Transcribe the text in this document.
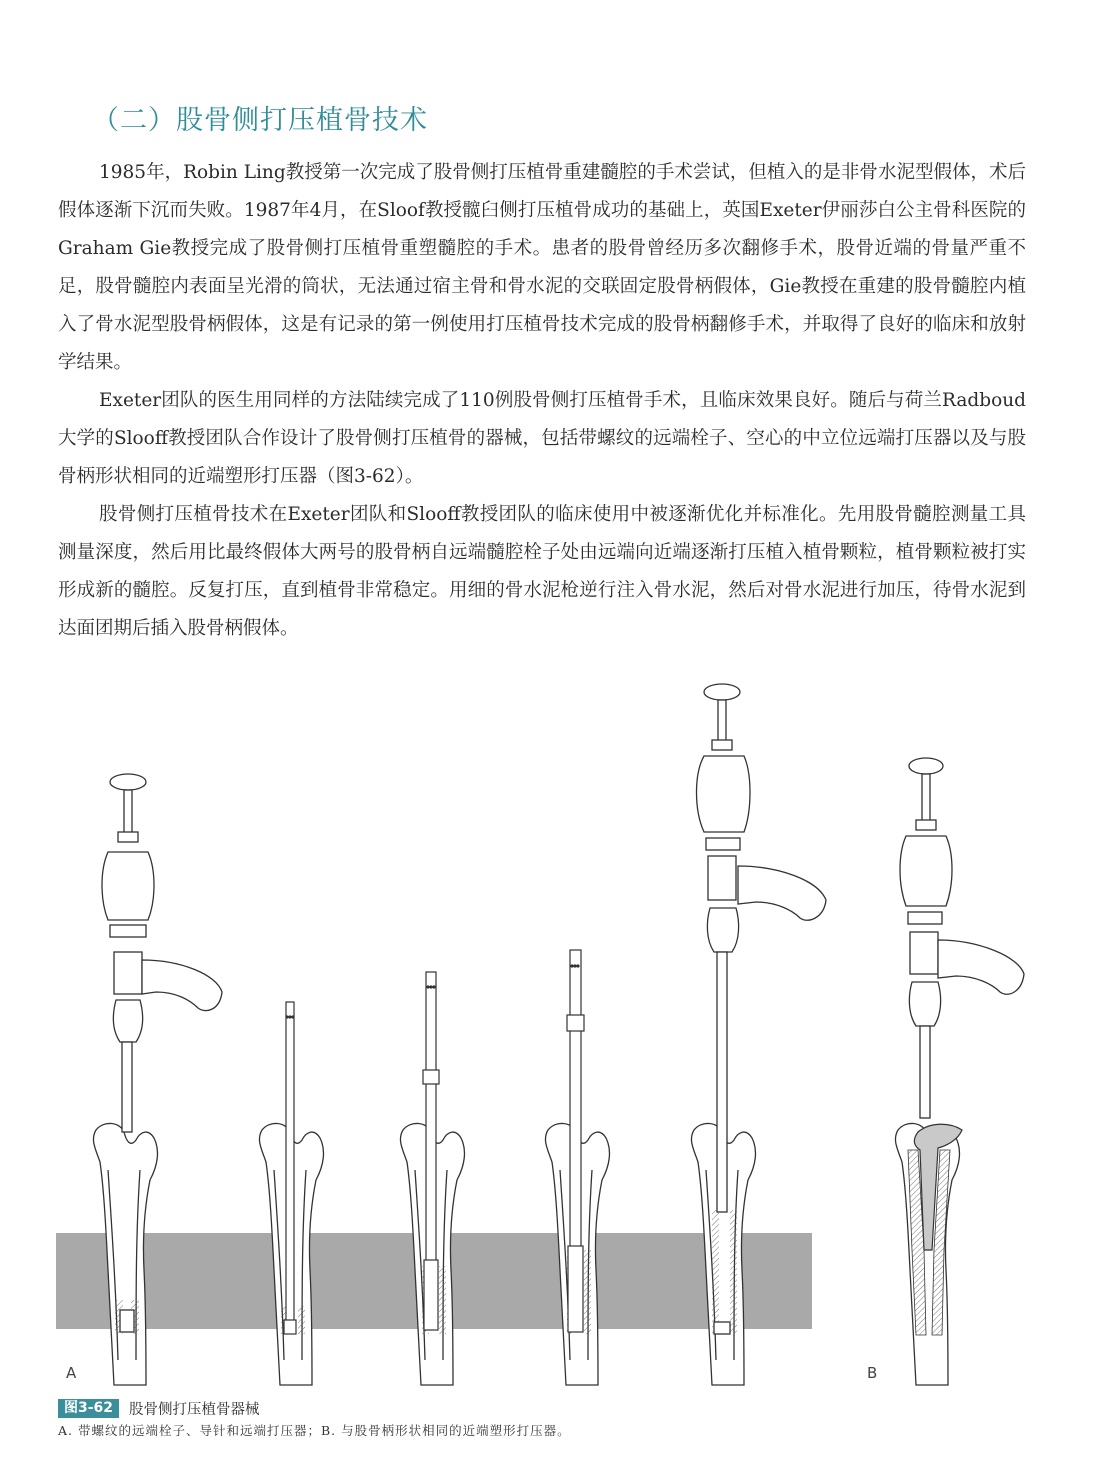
（二）股骨侧打压植骨技术

1985年，Robin Ling教授第一次完成了股骨侧打压植骨重建髓腔的手术尝试，但植入的是非骨水泥型假体，术后假体逐渐下沉而失败。1987年4月，在Sloof教授髋臼侧打压植骨成功的基础上，英国Exeter伊丽莎白公主骨科医院的Graham Gie教授完成了股骨侧打压植骨重塑髓腔的手术。患者的股骨曾经历多次翻修手术，股骨近端的骨量严重不足，股骨髓腔内表面呈光滑的筒状，无法通过宿主骨和骨水泥的交联固定股骨柄假体，Gie教授在重建的股骨髓腔内植入了骨水泥型股骨柄假体，这是有记录的第一例使用打压植骨技术完成的股骨柄翻修手术，并取得了良好的临床和放射学结果。

Exeter团队的医生用同样的方法陆续完成了110例股骨侧打压植骨手术，且临床效果良好。随后与荷兰Radboud大学的Slooff教授团队合作设计了股骨侧打压植骨的器械，包括带螺纹的远端栓子、空心的中立位远端打压器以及与股骨柄形状相同的近端塑形打压器（图3-62）。

股骨侧打压植骨技术在Exeter团队和Slooff教授团队的临床使用中被逐渐优化并标准化。先用股骨髓腔测量工具测量深度，然后用比最终假体大两号的股骨柄自远端髓腔栓子处由远端向近端逐渐打压植入植骨颗粒，植骨颗粒被打实形成新的髓腔。反复打压，直到植骨非常稳定。用细的骨水泥枪逆行注入骨水泥，然后对骨水泥进行加压，待骨水泥到达面团期后插入股骨柄假体。

A	B
图3-62	股骨侧打压植骨器械
A. 带螺纹的远端栓子、导针和远端打压器；B. 与股骨柄形状相同的近端塑形打压器。
